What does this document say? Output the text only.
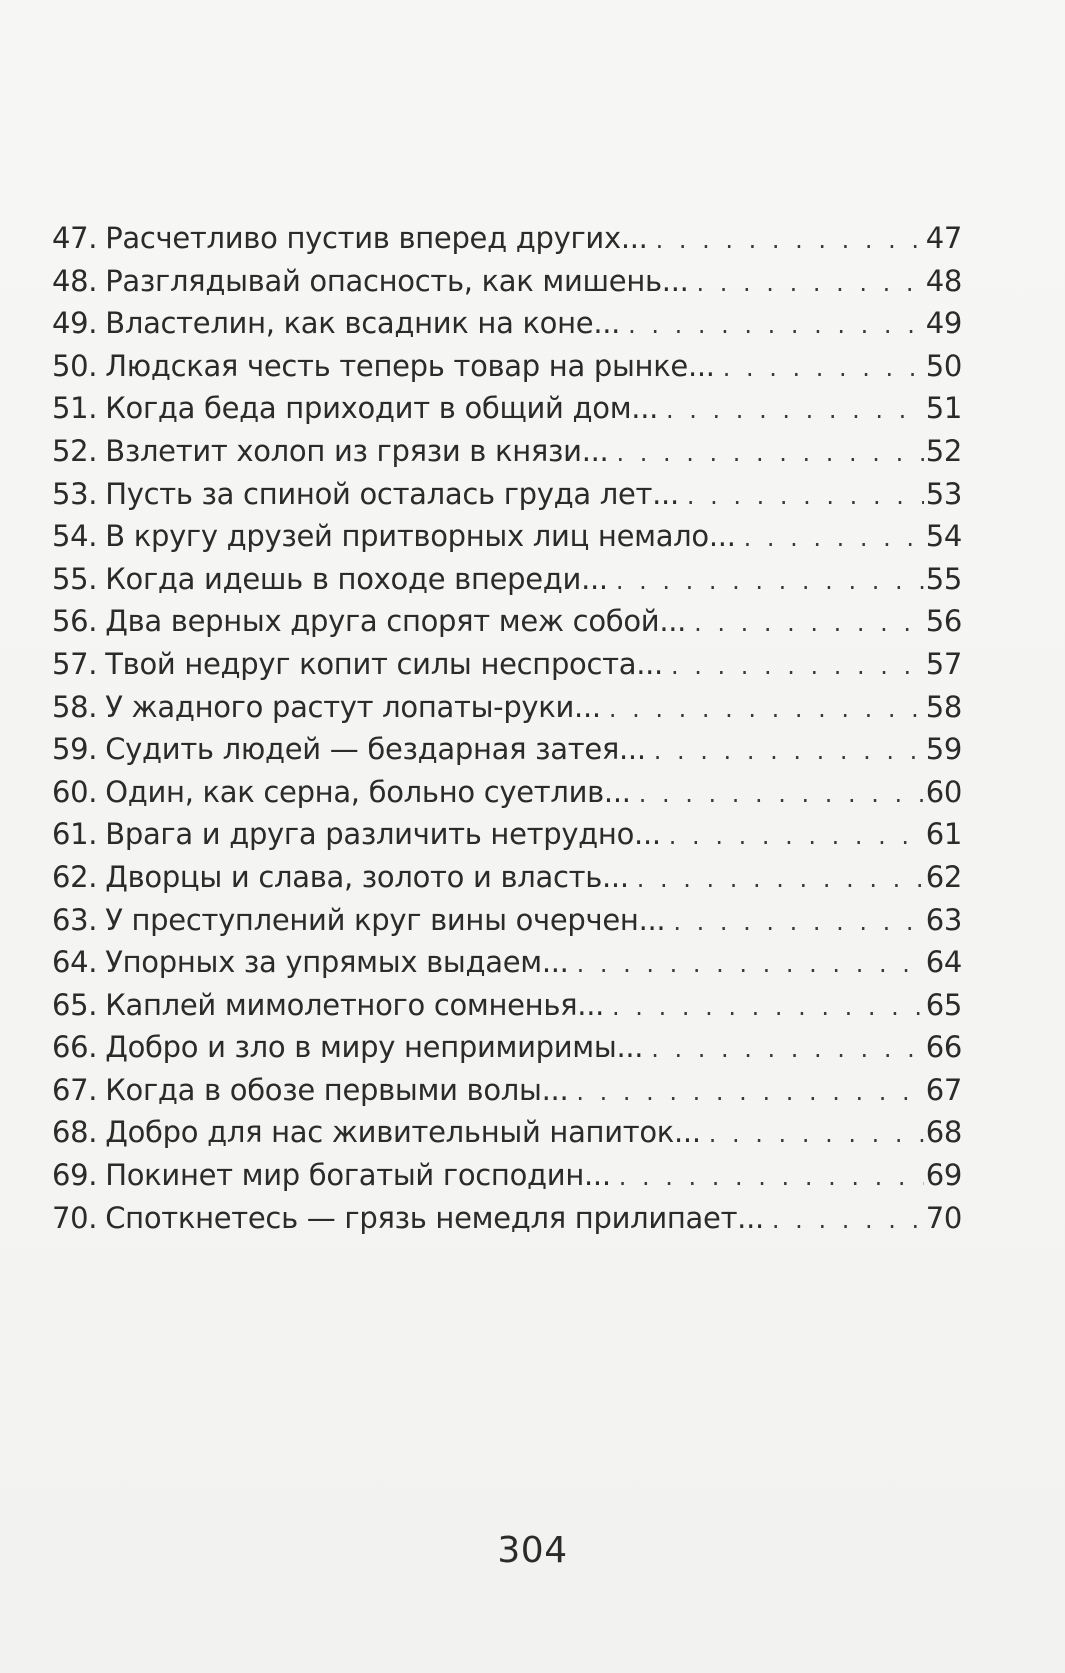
47. Расчетливо пустив вперед других... . . .	47
48. Разглядывай опасность, как мишень... . . .	48
49. Властелин, как всадник на коне... . . .	49
50. Людская честь теперь товар на рынке... . . .	50
51. Когда беда приходит в общий дом... . . .	51
52. Взлетит холоп из грязи в князи... . . .	52
53. Пусть за спиной осталась груда лет... . . .	53
54. В кругу друзей притворных лиц немало... . . .	54
55. Когда идешь в походе впереди... . . .	55
56. Два верных друга спорят меж собой... . . .	56
57. Твой недруг копит силы неспроста... . . .	57
58. У жадного растут лопаты-руки... . . .	58
59. Судить людей — бездарная затея... . . .	59
60. Один, как серна, больно суетлив... . . .	60
61. Врага и друга различить нетрудно... . . .	61
62. Дворцы и слава, золото и власть... . . .	62
63. У преступлений круг вины очерчен... . . .	63
64. Упорных за упрямых выдаем... . . .	64
65. Каплей мимолетного сомненья... . . .	65
66. Добро и зло в миру непримиримы... . . .	66
67. Когда в обозе первыми волы... . . .	67
68. Добро для нас живительный напиток... . . .	68
69. Покинет мир богатый господин... . . .	69
70. Споткнетесь — грязь немедля прилипает... . . .	70
304
